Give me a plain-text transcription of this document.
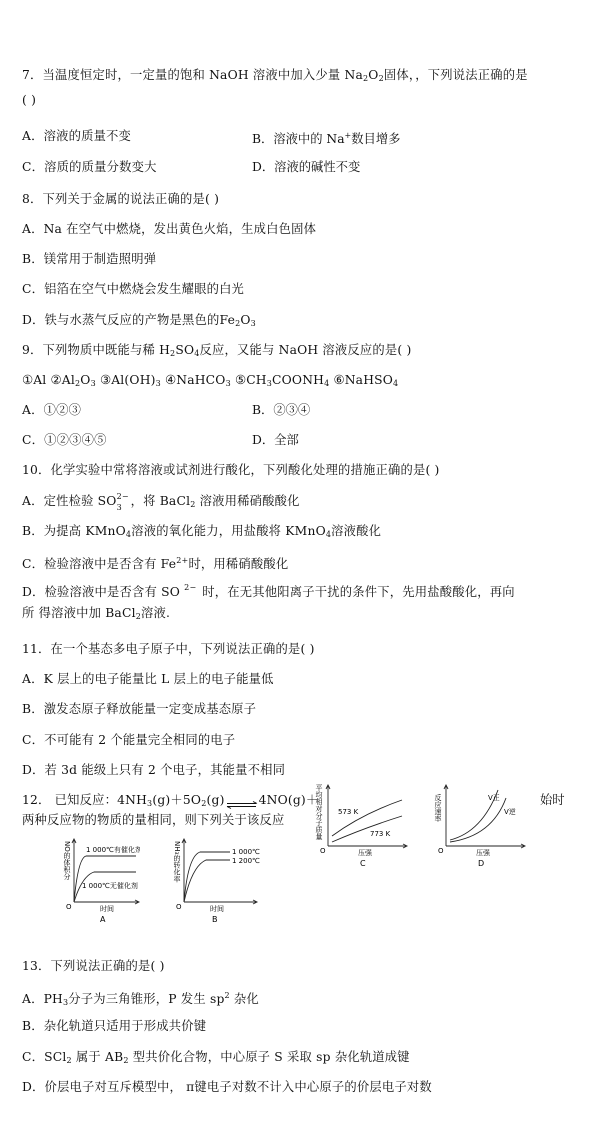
7．当温度恒定时，一定量的饱和 NaOH 溶液中加入少量 $Na_2O_2$固体，，下列说法正确的是
( )
A．溶液的质量不变	B．溶液中的 Na+数目增多
C．溶质的质量分数变大	D．溶液的碱性不变
8．下列关于金属的说法正确的是( )
A．Na 在空气中燃烧，发出黄色火焰，生成白色固体
B．镁常用于制造照明弹
C．铝箔在空气中燃烧会发生耀眼的白光
D．铁与水蒸气反应的产物是黑色的$Fe_2O_3$
9．下列物质中既能与稀 $H_2SO_4$反应，又能与 NaOH 溶液反应的是( )
①Al $②Al_2O_3$ $③Al(OH)_3$ ④NaHCO$_3$ $⑤CH_3COONH_4$ ⑥NaHSO$_4$
A．①②③	B．②③④
C．①②③④⑤	D．全部
10．化学实验中常将溶液或试剂进行酸化，下列酸化处理的措施正确的是( )
A．定性检验 SO 2−
3 ，将 BaCl$_2$ 溶液用稀硝酸酸化
B．为提高 KMnO$_4$溶液的氧化能力，用盐酸将 KMnO$_4$溶液酸化
C．检验溶液中是否含有 $Fe^{2+}$时，用稀硝酸酸化
D．检验溶液中是否含有 SO 2− 时，在无其他阳离子干扰的条件下，先用盐酸酸化，再向
所 得溶液中加 BaCl$_2$溶液.
11．在一个基态多电子原子中，下列说法正确的是( )
A．K 层上的电子能量比 L 层上的电子能量低
B．激发态原子释放能量一定变成基态原子
C．不可能有 2 个能量完全相同的电子
D．若 3d 能级上只有 2 个电子，其能量不相同
12． 已知反应：$4NH_3(g)+5O_2(g)\rightleftharpoons 4NO(g)+$	始时
两种反应物的物质的量相同，则下列关于该反应
1 000℃有催化剂
1 000℃无催化剂
NO的体积分
O	时间
A
1 000℃
1 200℃
NH₃的转化率
O	时间
B
573 K
773 K
平均相对分子质量
O	压强
C
V正
V逆
反应速率
O	压强
D
13．下列说法正确的是( )
A．$PH_3$分子为三角锥形，P 发生 $sp^2$ 杂化
B．杂化轨道只适用于形成共价键
C．SCl$_2$ 属于 $AB_2$ 型共价化合物，中心原子 S 采取 sp 杂化轨道成键
D．价层电子对互斥模型中， π键电子对数不计入中心原子的价层电子对数
